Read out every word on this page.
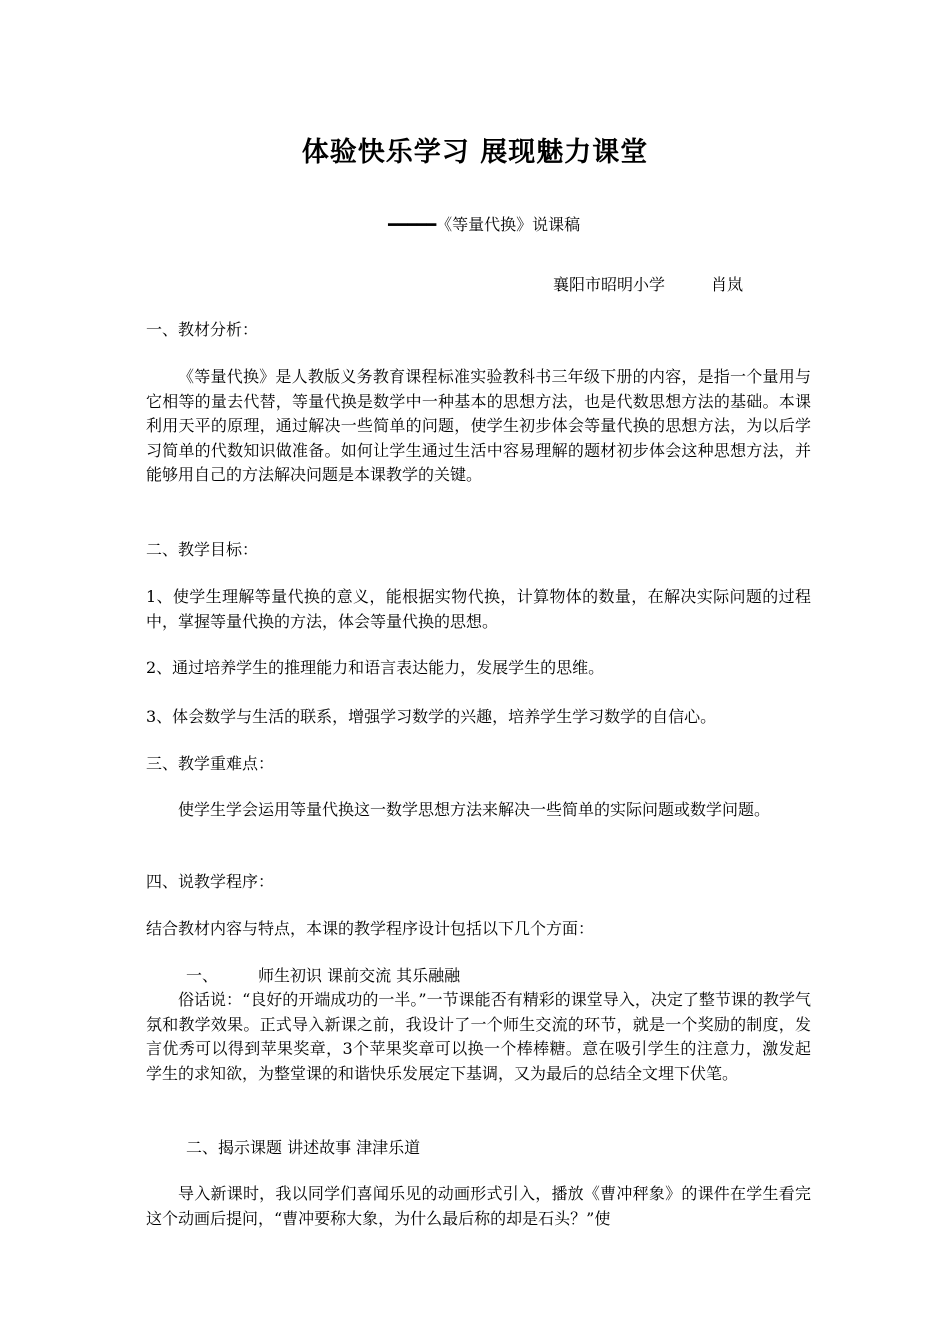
体验快乐学习 展现魅力课堂
━━━━━《等量代换》说课稿
襄阳市昭明小学	肖岚
一、教材分析：
《等量代换》是人教版义务教育课程标准实验教科书三年级下册的内容，是指一个量用与它相等的量去代替，等量代换是数学中一种基本的思想方法，也是代数思想方法的基础。本课利用天平的原理，通过解决一些简单的问题，使学生初步体会等量代换的思想方法，为以后学习简单的代数知识做准备。如何让学生通过生活中容易理解的题材初步体会这种思想方法，并能够用自己的方法解决问题是本课教学的关键。
二、教学目标：
1、使学生理解等量代换的意义，能根据实物代换，计算物体的数量，在解决实际问题的过程中，掌握等量代换的方法，体会等量代换的思想。
2、通过培养学生的推理能力和语言表达能力，发展学生的思维。
3、体会数学与生活的联系，增强学习数学的兴趣，培养学生学习数学的自信心。
三、教学重难点：
使学生学会运用等量代换这一数学思想方法来解决一些简单的实际问题或数学问题。
四、说教学程序：
结合教材内容与特点，本课的教学程序设计包括以下几个方面：
一、 师生初识 课前交流 其乐融融
俗话说：“良好的开端成功的一半。”一节课能否有精彩的课堂导入，决定了整节课的教学气氛和教学效果。正式导入新课之前，我设计了一个师生交流的环节，就是一个奖励的制度，发言优秀可以得到苹果奖章，3个苹果奖章可以换一个棒棒糖。意在吸引学生的注意力，激发起学生的求知欲，为整堂课的和谐快乐发展定下基调，又为最后的总结全文埋下伏笔。
二、揭示课题 讲述故事 津津乐道
导入新课时，我以同学们喜闻乐见的动画形式引入，播放《曹冲秤象》的课件在学生看完这个动画后提问，“曹冲要称大象，为什么最后称的却是石头？”使
